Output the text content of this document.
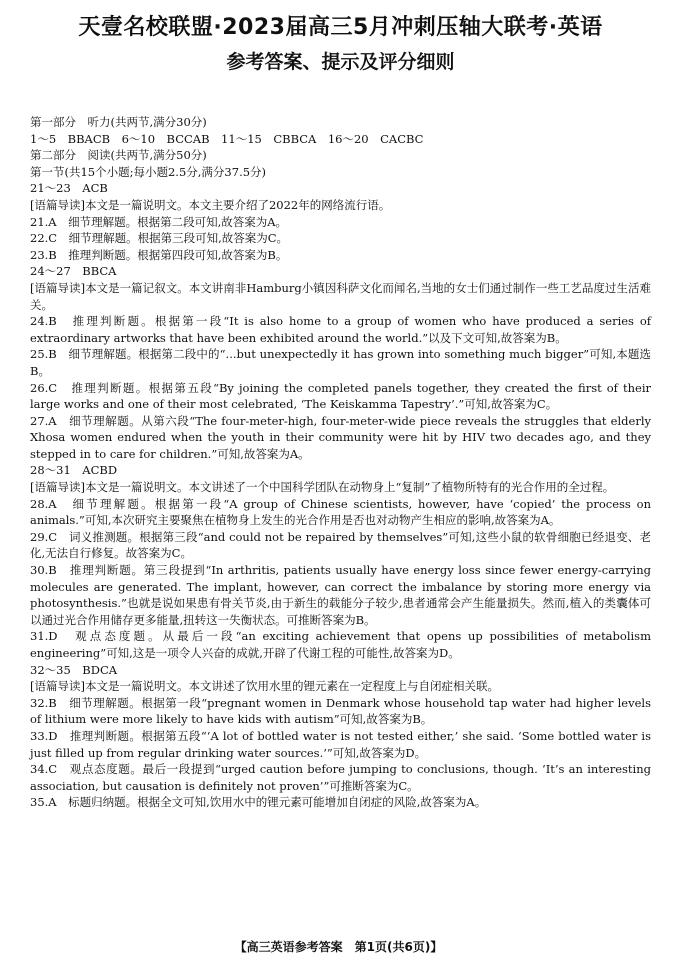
天壹名校联盟·2023届高三5月冲刺压轴大联考·英语
参考答案、提示及评分细则
第一部分　听力(共两节,满分30分)
1～5　BBACB　6～10　BCCAB　11～15　CBBCA　16～20　CACBC
第二部分　阅读(共两节,满分50分)
第一节(共15个小题;每小题2.5分,满分37.5分)
21～23　ACB
[语篇导读]本文是一篇说明文。本文主要介绍了2022年的网络流行语。
21.A　细节理解题。根据第二段可知,故答案为A。
22.C　细节理解题。根据第三段可知,故答案为C。
23.B　推理判断题。根据第四段可知,故答案为B。
24～27　BBCA
[语篇导读]本文是一篇记叙文。本文讲南非Hamburg小镇因科萨文化而闻名,当地的女士们通过制作一些工艺品度过生活难关。
24.B　推理判断题。根据第一段“It is also home to a group of women who have produced a series of extraordinary artworks that have been exhibited around the world.”以及下文可知,故答案为B。
25.B　细节理解题。根据第二段中的“...but unexpectedly it has grown into something much bigger”可知,本题选B。
26.C　推理判断题。根据第五段“By joining the completed panels together, they created the first of their large works and one of their most celebrated, ‘The Keiskamma Tapestry’.”可知,故答案为C。
27.A　细节理解题。从第六段“The four-meter-high, four-meter-wide piece reveals the struggles that elderly Xhosa women endured when the youth in their community were hit by HIV two decades ago, and they stepped in to care for children.”可知,故答案为A。
28～31　ACBD
[语篇导读]本文是一篇说明文。本文讲述了一个中国科学团队在动物身上“复制”了植物所特有的光合作用的全过程。
28.A　细节理解题。根据第一段“A group of Chinese scientists, however, have ‘copied’ the process on animals.”可知,本次研究主要聚焦在植物身上发生的光合作用是否也对动物产生相应的影响,故答案为A。
29.C　词义推测题。根据第三段“and could not be repaired by themselves”可知,这些小鼠的软骨细胞已经退变、老化,无法自行修复。故答案为C。
30.B　推理判断题。第三段提到“In arthritis, patients usually have energy loss since fewer energy-carrying molecules are generated. The implant, however, can correct the imbalance by storing more energy via photosynthesis.”也就是说如果患有骨关节炎,由于新生的载能分子较少,患者通常会产生能量损失。然而,植入的类囊体可以通过光合作用储存更多能量,扭转这一失衡状态。可推断答案为B。
31.D　观点态度题。从最后一段“an exciting achievement that opens up possibilities of metabolism engineering”可知,这是一项令人兴奋的成就,开辟了代谢工程的可能性,故答案为D。
32～35　BDCA
[语篇导读]本文是一篇说明文。本文讲述了饮用水里的锂元素在一定程度上与自闭症相关联。
32.B　细节理解题。根据第一段“pregnant women in Denmark whose household tap water had higher levels of lithium were more likely to have kids with autism”可知,故答案为B。
33.D　推理判断题。根据第五段“‘A lot of bottled water is not tested either,’ she said. ‘Some bottled water is just filled up from regular drinking water sources.’”可知,故答案为D。
34.C　观点态度题。最后一段提到“urged caution before jumping to conclusions, though. ‘It’s an interesting association, but causation is definitely not proven’”可推断答案为C。
35.A　标题归纳题。根据全文可知,饮用水中的锂元素可能增加自闭症的风险,故答案为A。
【高三英语参考答案　第1页(共6页)】
